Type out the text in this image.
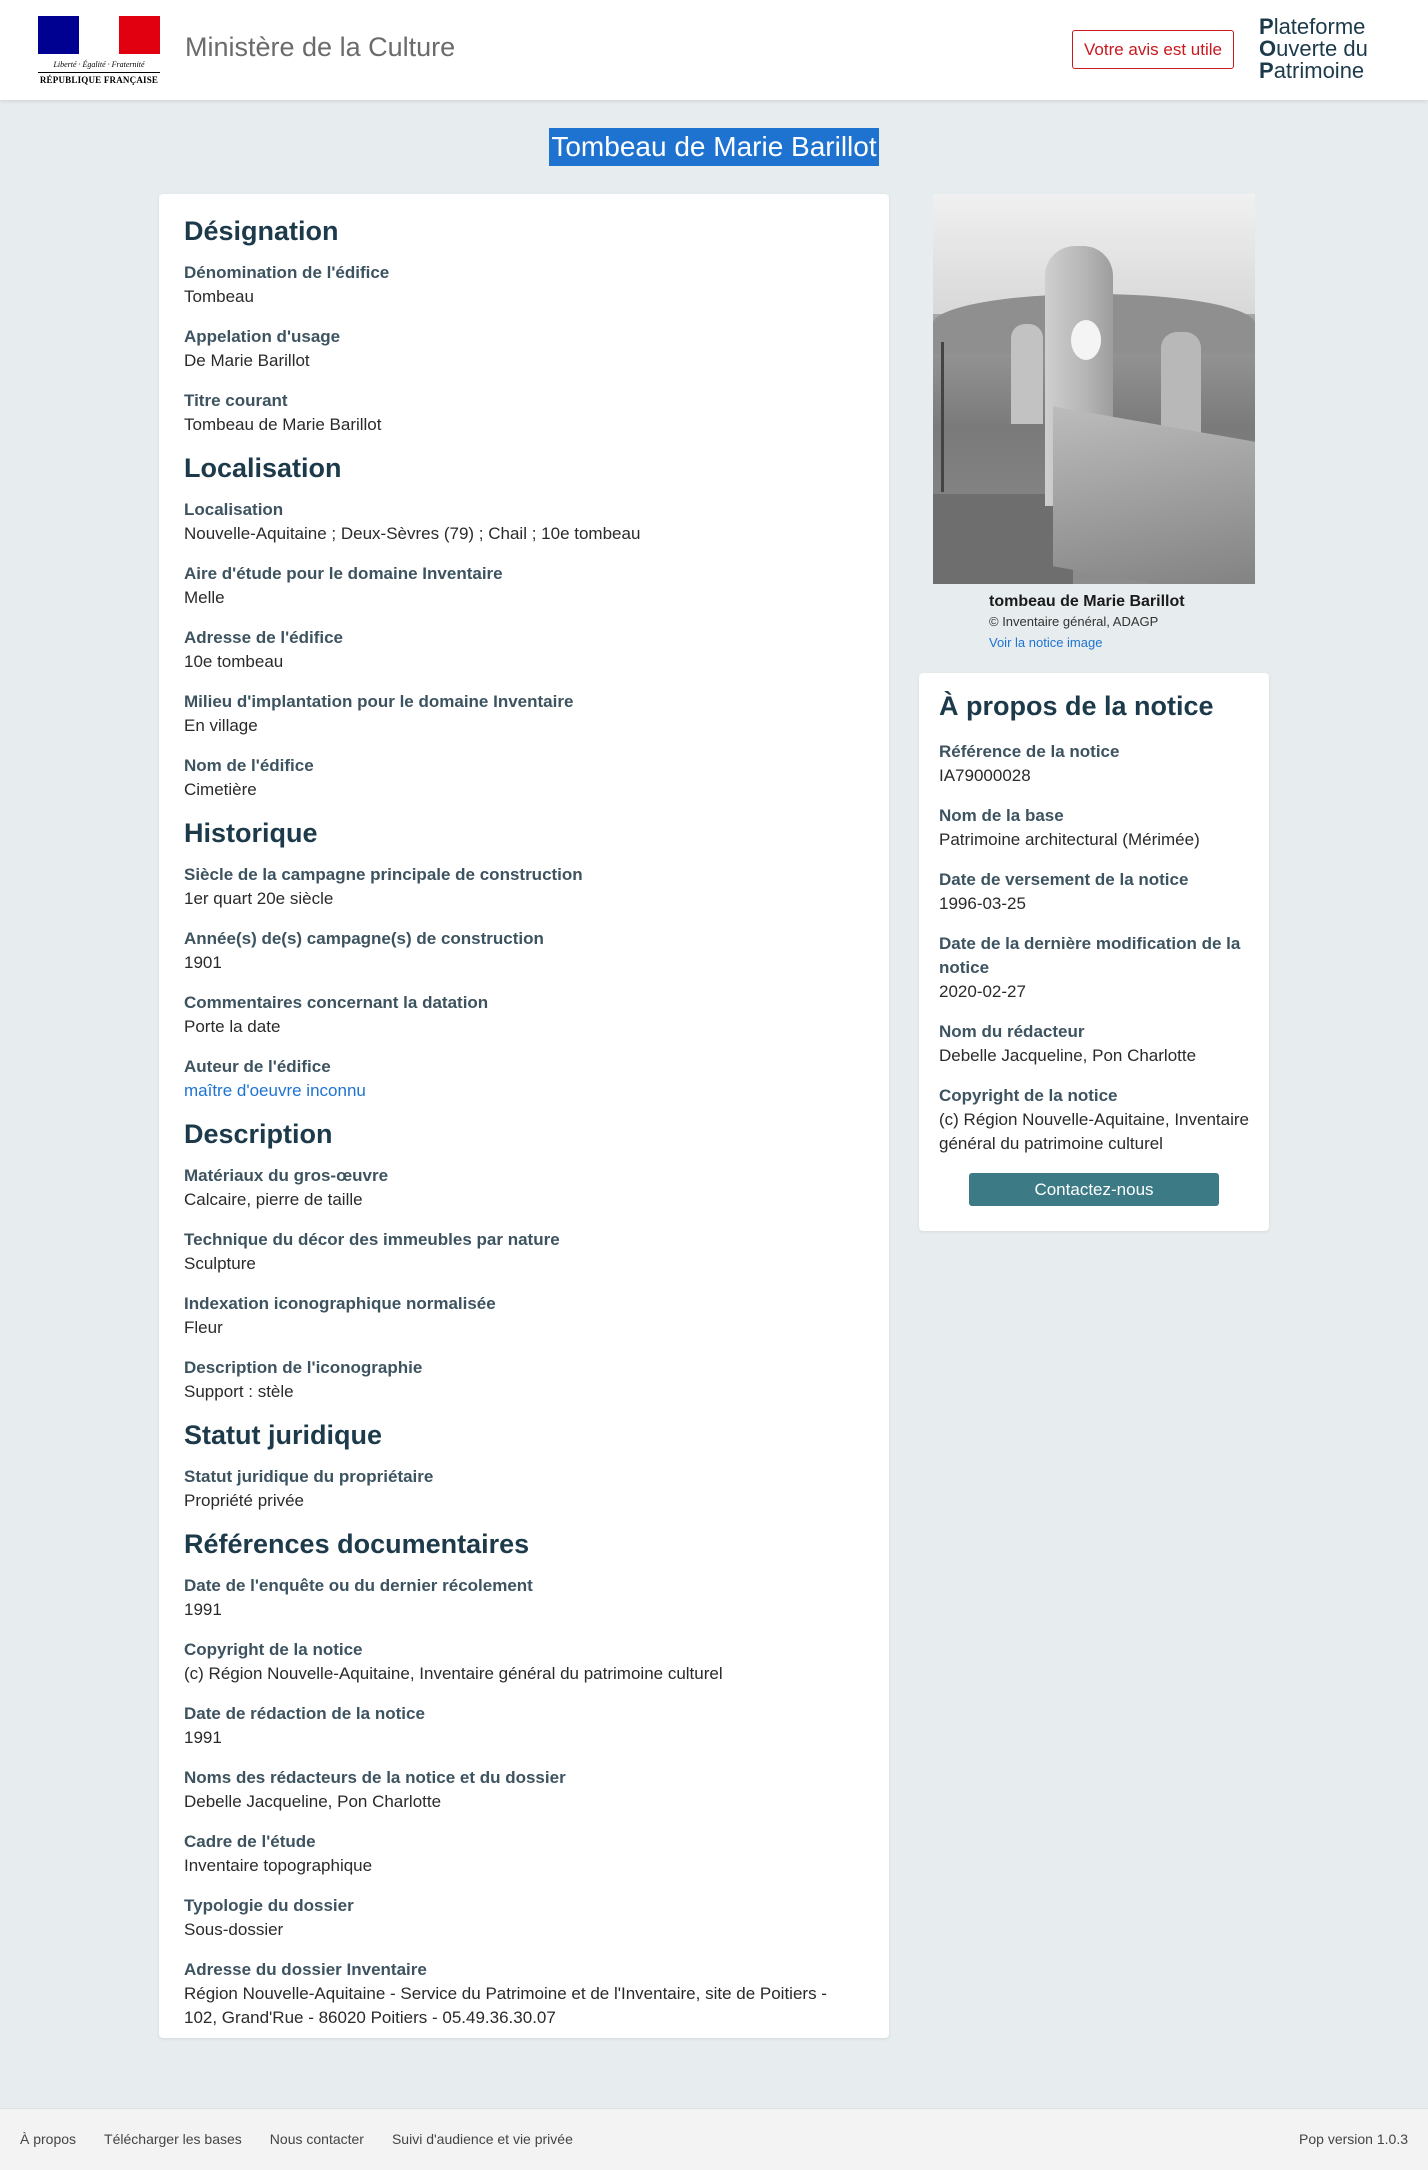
Liberté · Égalité · Fraternité
RÉPUBLIQUE FRANÇAISE
Ministère de la Culture	Votre avis est utile
Plateforme
Ouverte du
Patrimoine
Tombeau de Marie Barillot
Désignation
Dénomination de l'édifice
Tombeau
Appelation d'usage
De Marie Barillot
Titre courant
Tombeau de Marie Barillot
Localisation
Localisation
Nouvelle-Aquitaine ; Deux-Sèvres (79) ; Chail ; 10e tombeau
Aire d'étude pour le domaine Inventaire
Melle
Adresse de l'édifice
10e tombeau
Milieu d'implantation pour le domaine Inventaire
En village
Nom de l'édifice
Cimetière
Historique
Siècle de la campagne principale de construction
1er quart 20e siècle
Année(s) de(s) campagne(s) de construction
1901
Commentaires concernant la datation
Porte la date
Auteur de l'édifice
maître d'oeuvre inconnu
Description
Matériaux du gros-œuvre
Calcaire, pierre de taille
Technique du décor des immeubles par nature
Sculpture
Indexation iconographique normalisée
Fleur
Description de l'iconographie
Support : stèle
Statut juridique
Statut juridique du propriétaire
Propriété privée
Références documentaires
Date de l'enquête ou du dernier récolement
1991
Copyright de la notice
(c) Région Nouvelle-Aquitaine, Inventaire général du patrimoine culturel
Date de rédaction de la notice
1991
Noms des rédacteurs de la notice et du dossier
Debelle Jacqueline, Pon Charlotte
Cadre de l'étude
Inventaire topographique
Typologie du dossier
Sous-dossier
Adresse du dossier Inventaire
Région Nouvelle-Aquitaine - Service du Patrimoine et de l'Inventaire, site de Poitiers - 102, Grand'Rue - 86020 Poitiers - 05.49.36.30.07
tombeau de Marie Barillot
© Inventaire général, ADAGP
Voir la notice image
À propos de la notice
Référence de la notice
IA79000028
Nom de la base
Patrimoine architectural (Mérimée)
Date de versement de la notice
1996-03-25
Date de la dernière modification de la notice
2020-02-27
Nom du rédacteur
Debelle Jacqueline, Pon Charlotte
Copyright de la notice
(c) Région Nouvelle-Aquitaine, Inventaire général du patrimoine culturel
Contactez-nous
À propos Télécharger les bases Nous contacter Suivi d'audience et vie privée	Pop version 1.0.3
